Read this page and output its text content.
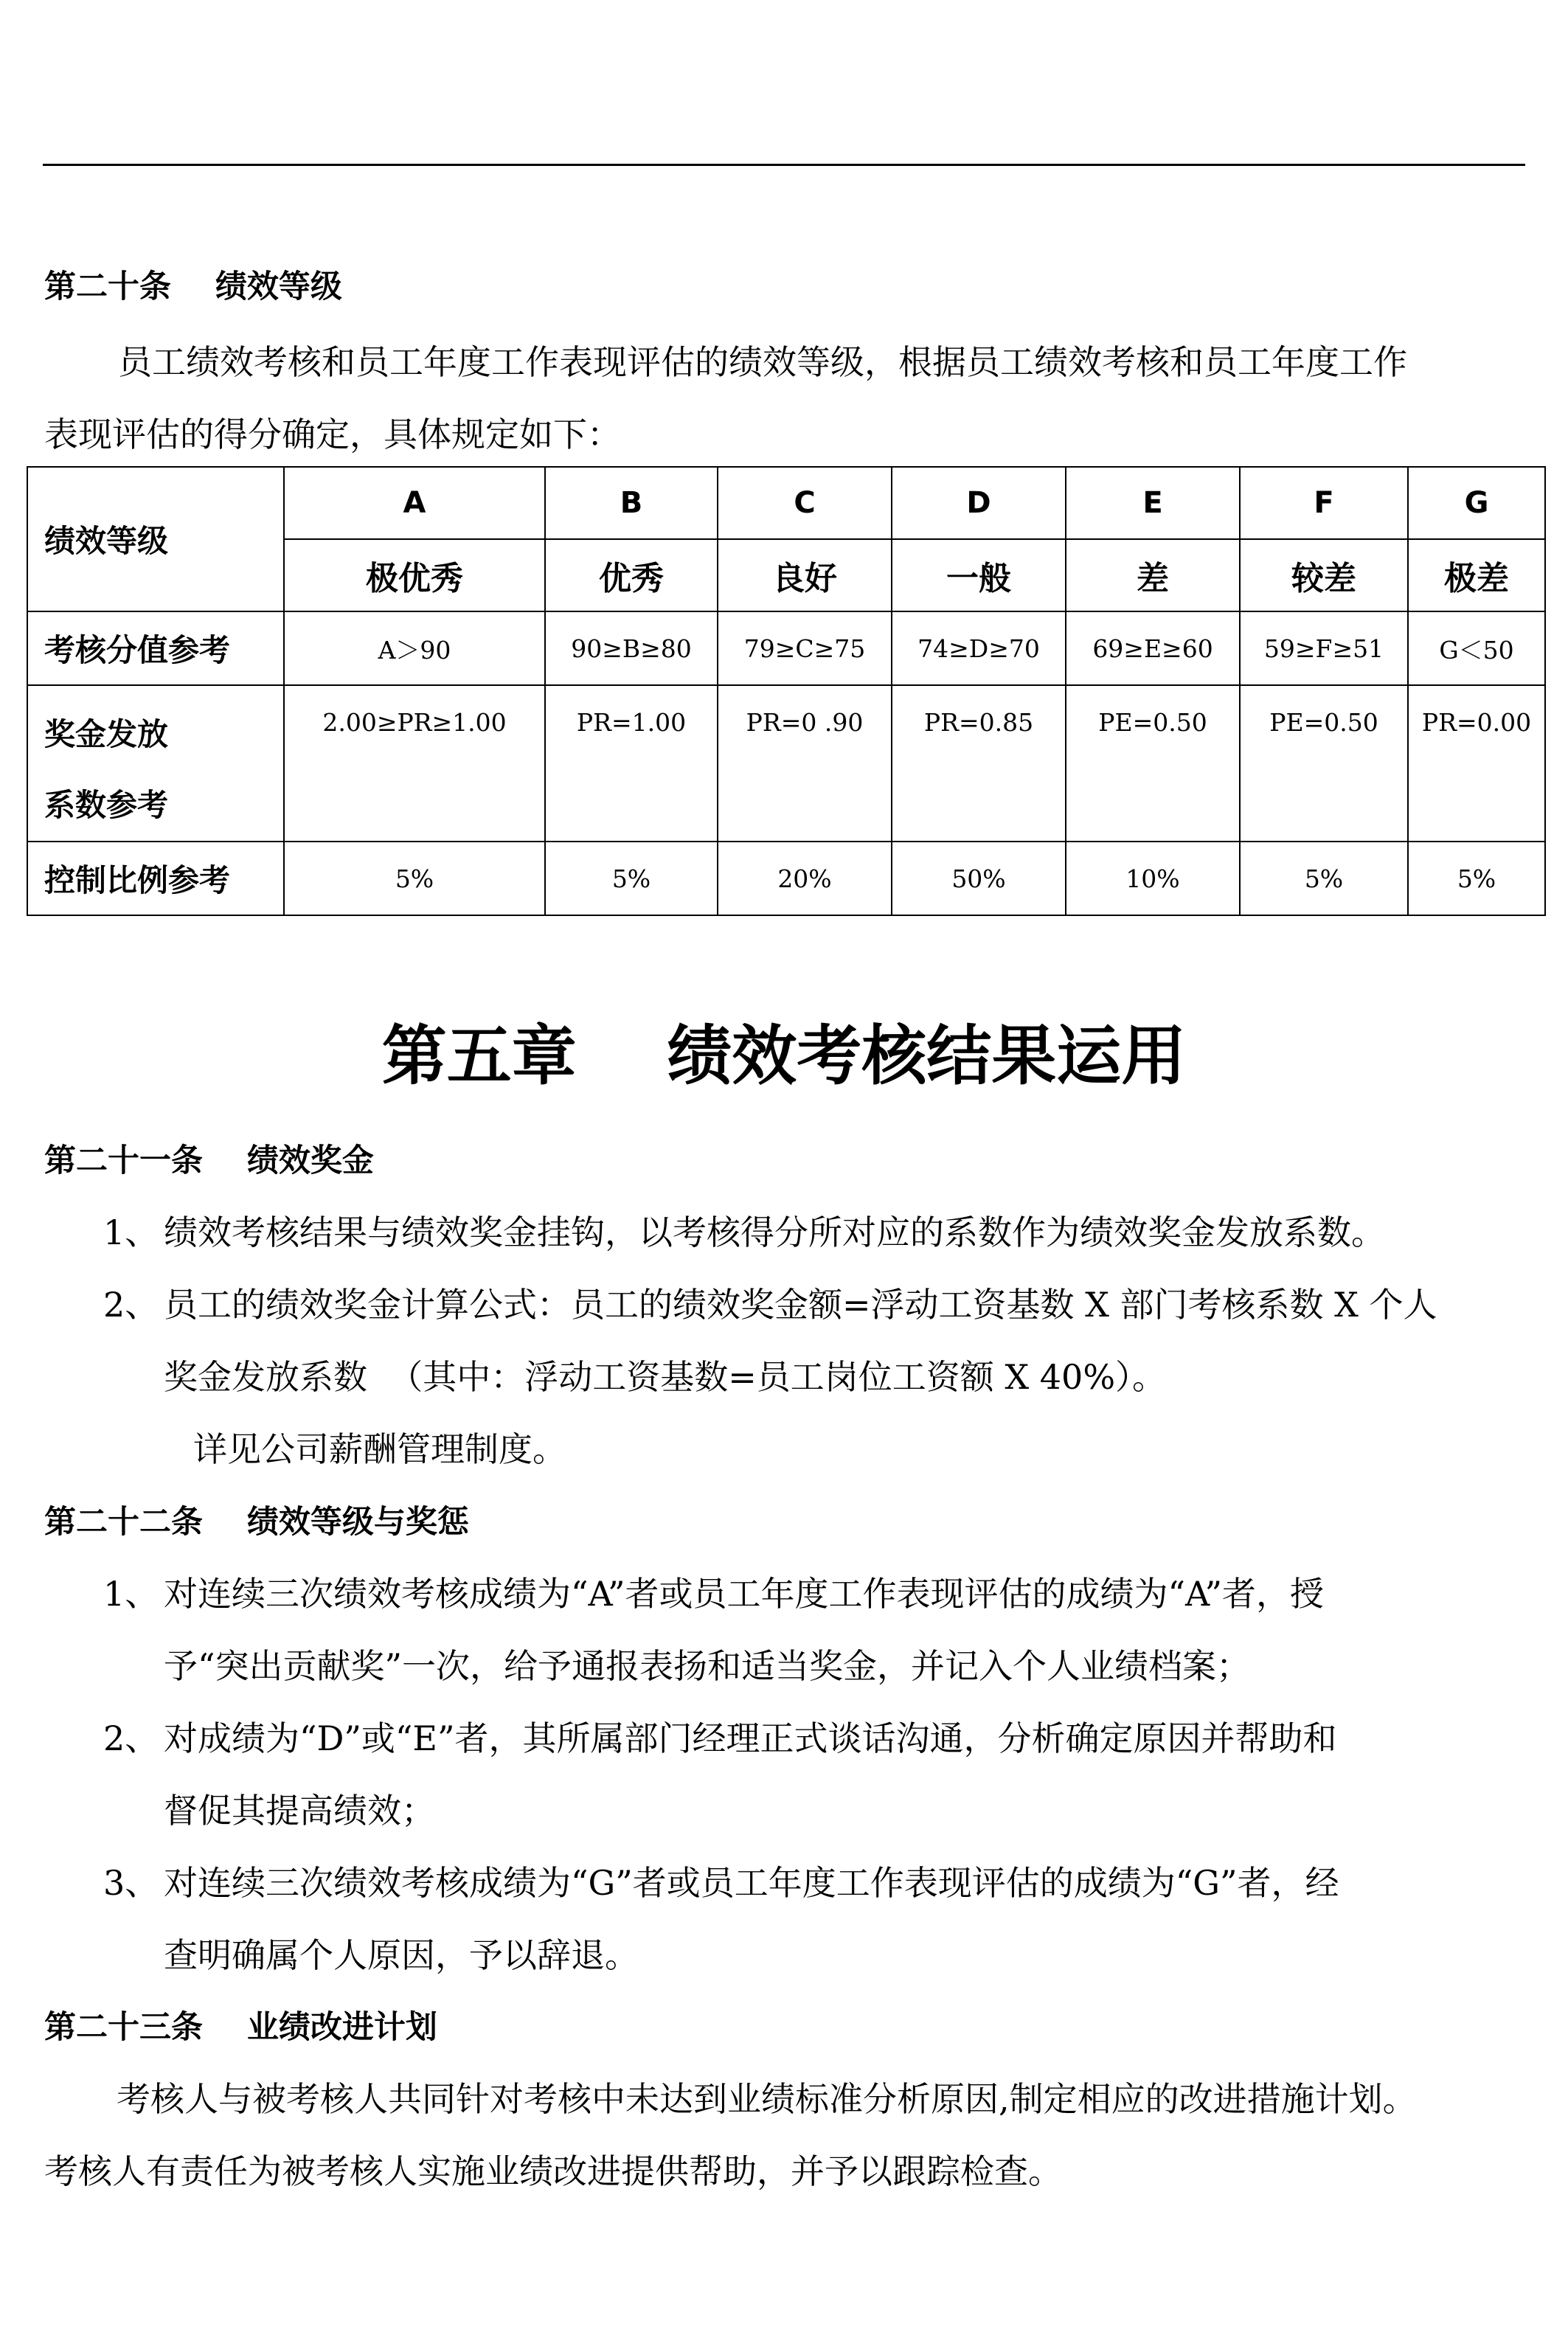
第二十条    绩效等级
员工绩效考核和员工年度工作表现评估的绩效等级，根据员工绩效考核和员工年度工作
表现评估的得分确定，具体规定如下：
绩效等级	A	B	C	D	E	F	G
	极优秀	优秀	良好	一般	差	较差	极差
考核分值参考	A＞90	90≥B≥80	79≥C≥75	74≥D≥70	69≥E≥60	59≥F≥51	G＜50

奖金发放
系数参考	2.00≥PR≥1.00	PR=1.00	PR=0 .90	PR=0.85	PE=0.50	PE=0.50	PR=0.00
控制比例参考	5%	5%	20%	50%	10%	5%	5%
第五章    绩效考核结果运用
第二十一条    绩效奖金
1、 绩效考核结果与绩效奖金挂钩，以考核得分所对应的系数作为绩效奖金发放系数。
2、 员工的绩效奖金计算公式：员工的绩效奖金额=浮动工资基数 X 部门考核系数 X 个人
奖金发放系数  （其中：浮动工资基数=员工岗位工资额 X 40%）。
详见公司薪酬管理制度。
第二十二条    绩效等级与奖惩
1、 对连续三次绩效考核成绩为“A”者或员工年度工作表现评估的成绩为“A”者，授
予“突出贡献奖”一次，给予通报表扬和适当奖金，并记入个人业绩档案；
2、 对成绩为“D”或“E”者，其所属部门经理正式谈话沟通，分析确定原因并帮助和
督促其提高绩效；
3、 对连续三次绩效考核成绩为“G”者或员工年度工作表现评估的成绩为“G”者，经
查明确属个人原因，予以辞退。
第二十三条    业绩改进计划
考核人与被考核人共同针对考核中未达到业绩标准分析原因,制定相应的改进措施计划。
考核人有责任为被考核人实施业绩改进提供帮助，并予以跟踪检查。
